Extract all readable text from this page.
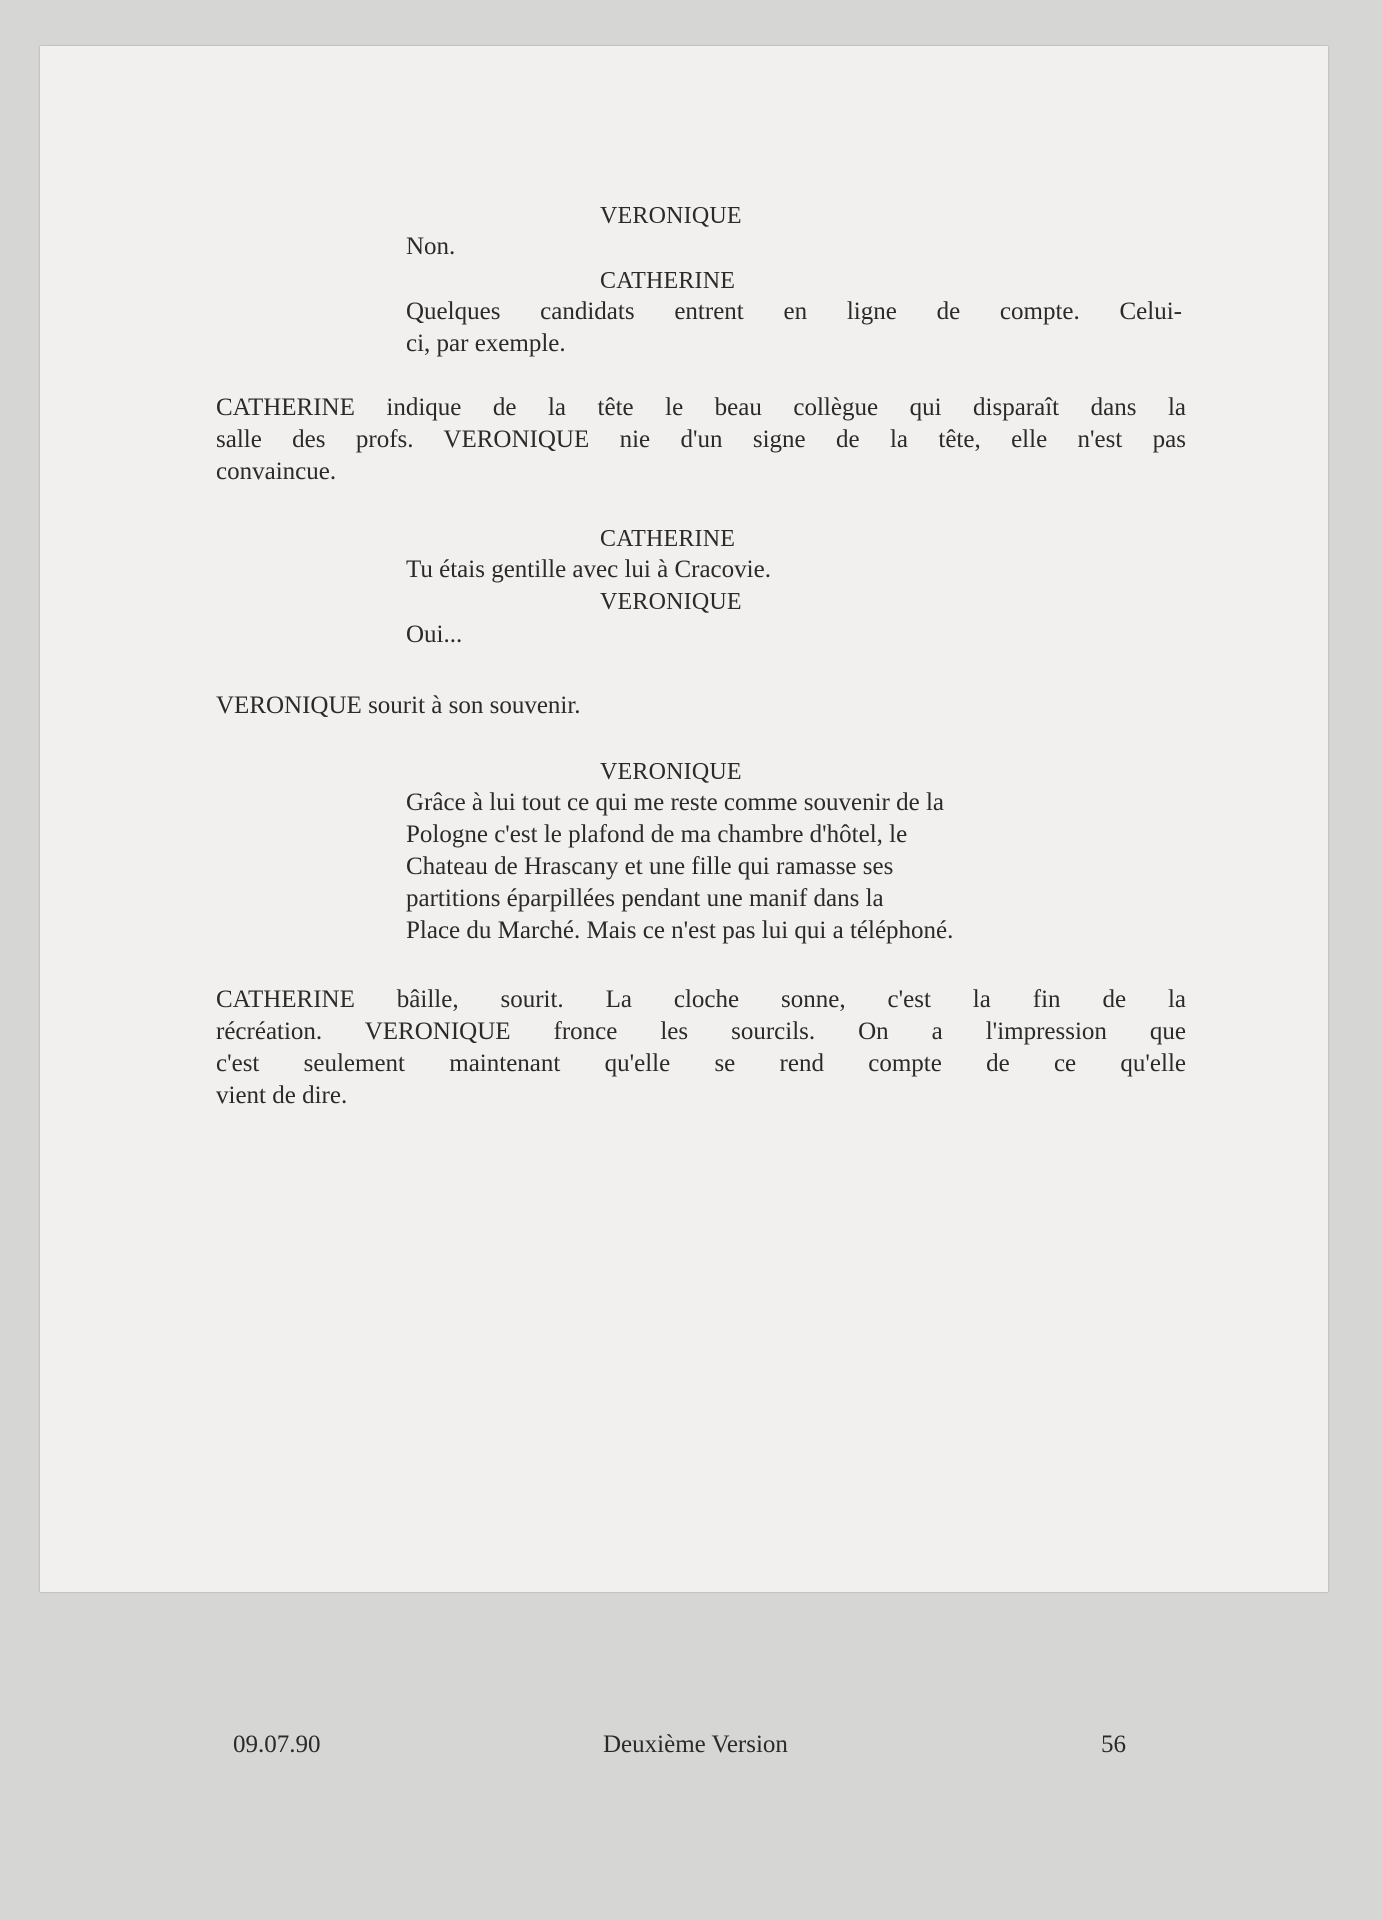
VERONIQUE
Non.
CATHERINE
Quelques candidats entrent en ligne de compte. Celui-
ci, par exemple.
CATHERINE indique de la tête le beau collègue qui disparaît dans la
salle des profs. VERONIQUE nie d'un signe de la tête, elle n'est pas
convaincue.
CATHERINE
Tu étais gentille avec lui à Cracovie.
VERONIQUE
Oui...
VERONIQUE sourit à son souvenir.
VERONIQUE
Grâce à lui tout ce qui me reste comme souvenir de la
Pologne c'est le plafond de ma chambre d'hôtel, le
Chateau de Hrascany et une fille qui ramasse ses
partitions éparpillées pendant une manif dans la
Place du Marché. Mais ce n'est pas lui qui a téléphoné.
CATHERINE bâille, sourit. La cloche sonne, c'est la fin de la
récréation. VERONIQUE fronce les sourcils. On a l'impression que
c'est seulement maintenant qu'elle se rend compte de ce qu'elle
vient de dire.
09.07.90	Deuxième Version	56
